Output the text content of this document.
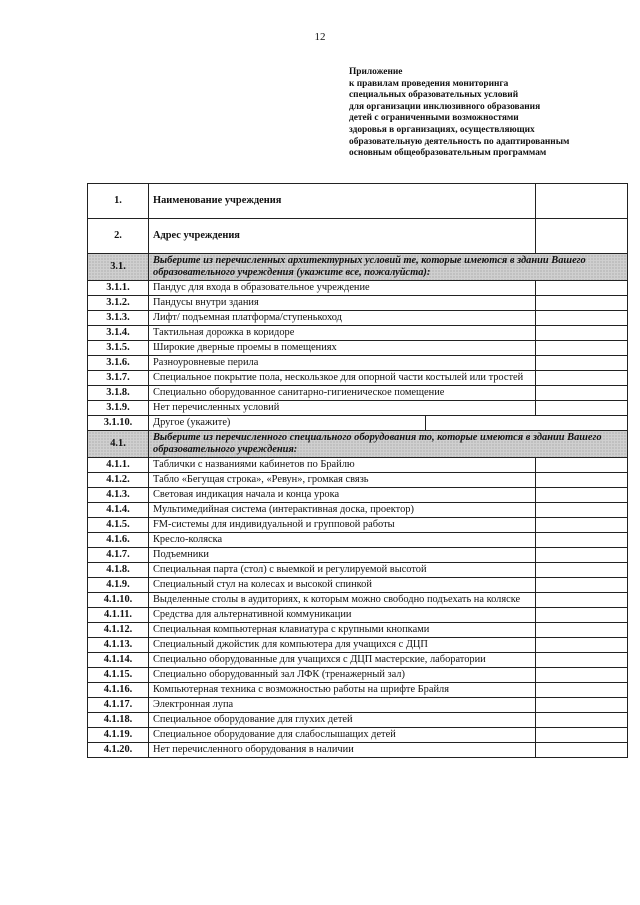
12
Приложение
к правилам проведения мониторинга
специальных образовательных условий
для организации инклюзивного образования
детей с ограниченными возможностями
здоровья в организациях, осуществляющих
образовательную деятельность по адаптированным
основным общеобразовательным программам
1.	Наименование учреждения		
2.	Адрес учреждения		
3.1.	Выберите из перечисленных архитектурных условий те, которые имеются в здании Вашего образовательного учреждения (укажите все, пожалуйста):		
3.1.1.	Пандус для входа в образовательное учреждение		
3.1.2.	Пандусы внутри здания		
3.1.3.	Лифт/ подъемная платформа/ступенькоход		
3.1.4.	Тактильная дорожка в коридоре		
3.1.5.	Широкие дверные проемы в помещениях		
3.1.6.	Разноуровневые перила		
3.1.7.	Специальное покрытие пола, нескользкое для опорной части костылей или тростей		
3.1.8.	Специально оборудованное санитарно-гигиеническое помещение		
3.1.9.	Нет перечисленных условий		
3.1.10.	Другое (укажите)		
4.1.	Выберите из перечисленного специального оборудования то, которые имеются в здании Вашего образовательного учреждения:		
4.1.1.	Таблички с названиями кабинетов по Брайлю		
4.1.2.	Табло «Бегущая строка», «Ревун», громкая связь		
4.1.3.	Световая индикация начала и конца урока		
4.1.4.	Мультимедийная система (интерактивная доска, проектор)		
4.1.5.	FM-системы для индивидуальной и групповой работы		
4.1.6.	Кресло-коляска		
4.1.7.	Подъемники		
4.1.8.	Специальная парта (стол) с выемкой и регулируемой высотой		
4.1.9.	Специальный стул на колесах и высокой спинкой		
4.1.10.	Выделенные столы в аудиториях, к которым можно свободно подъехать на коляске		
4.1.11.	Средства для альтернативной коммуникации		
4.1.12.	Специальная компьютерная клавиатура с крупными кнопками		
4.1.13.	Специальный джойстик для компьютера для учащихся с ДЦП		
4.1.14.	Специально оборудованные для учащихся с ДЦП мастерские, лаборатории		
4.1.15.	Специально оборудованный зал ЛФК (тренажерный зал)		
4.1.16.	Компьютерная техника с возможностью работы на шрифте Брайля		
4.1.17.	Электронная лупа		
4.1.18.	Специальное оборудование для глухих детей		
4.1.19.	Специальное оборудование для слабослышащих детей		
4.1.20.	Нет перечисленного оборудования в наличии		
